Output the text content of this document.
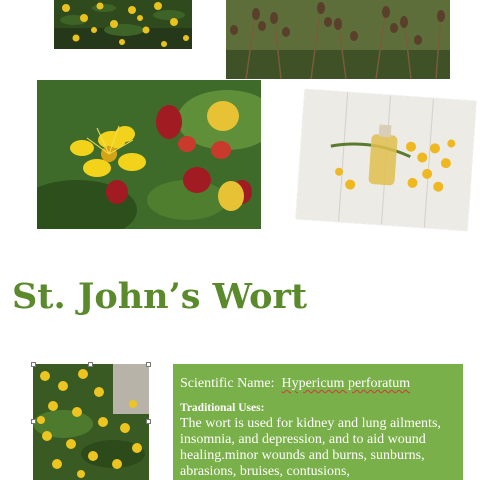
St. John’s Wort
Scientific Name: Hypericum perforatum
Traditional Uses:
The wort is used for kidney and lung ailments, insomnia, and depression, and to aid wound healing.minor wounds and burns, sunburns, abrasions, bruises, contusions,
